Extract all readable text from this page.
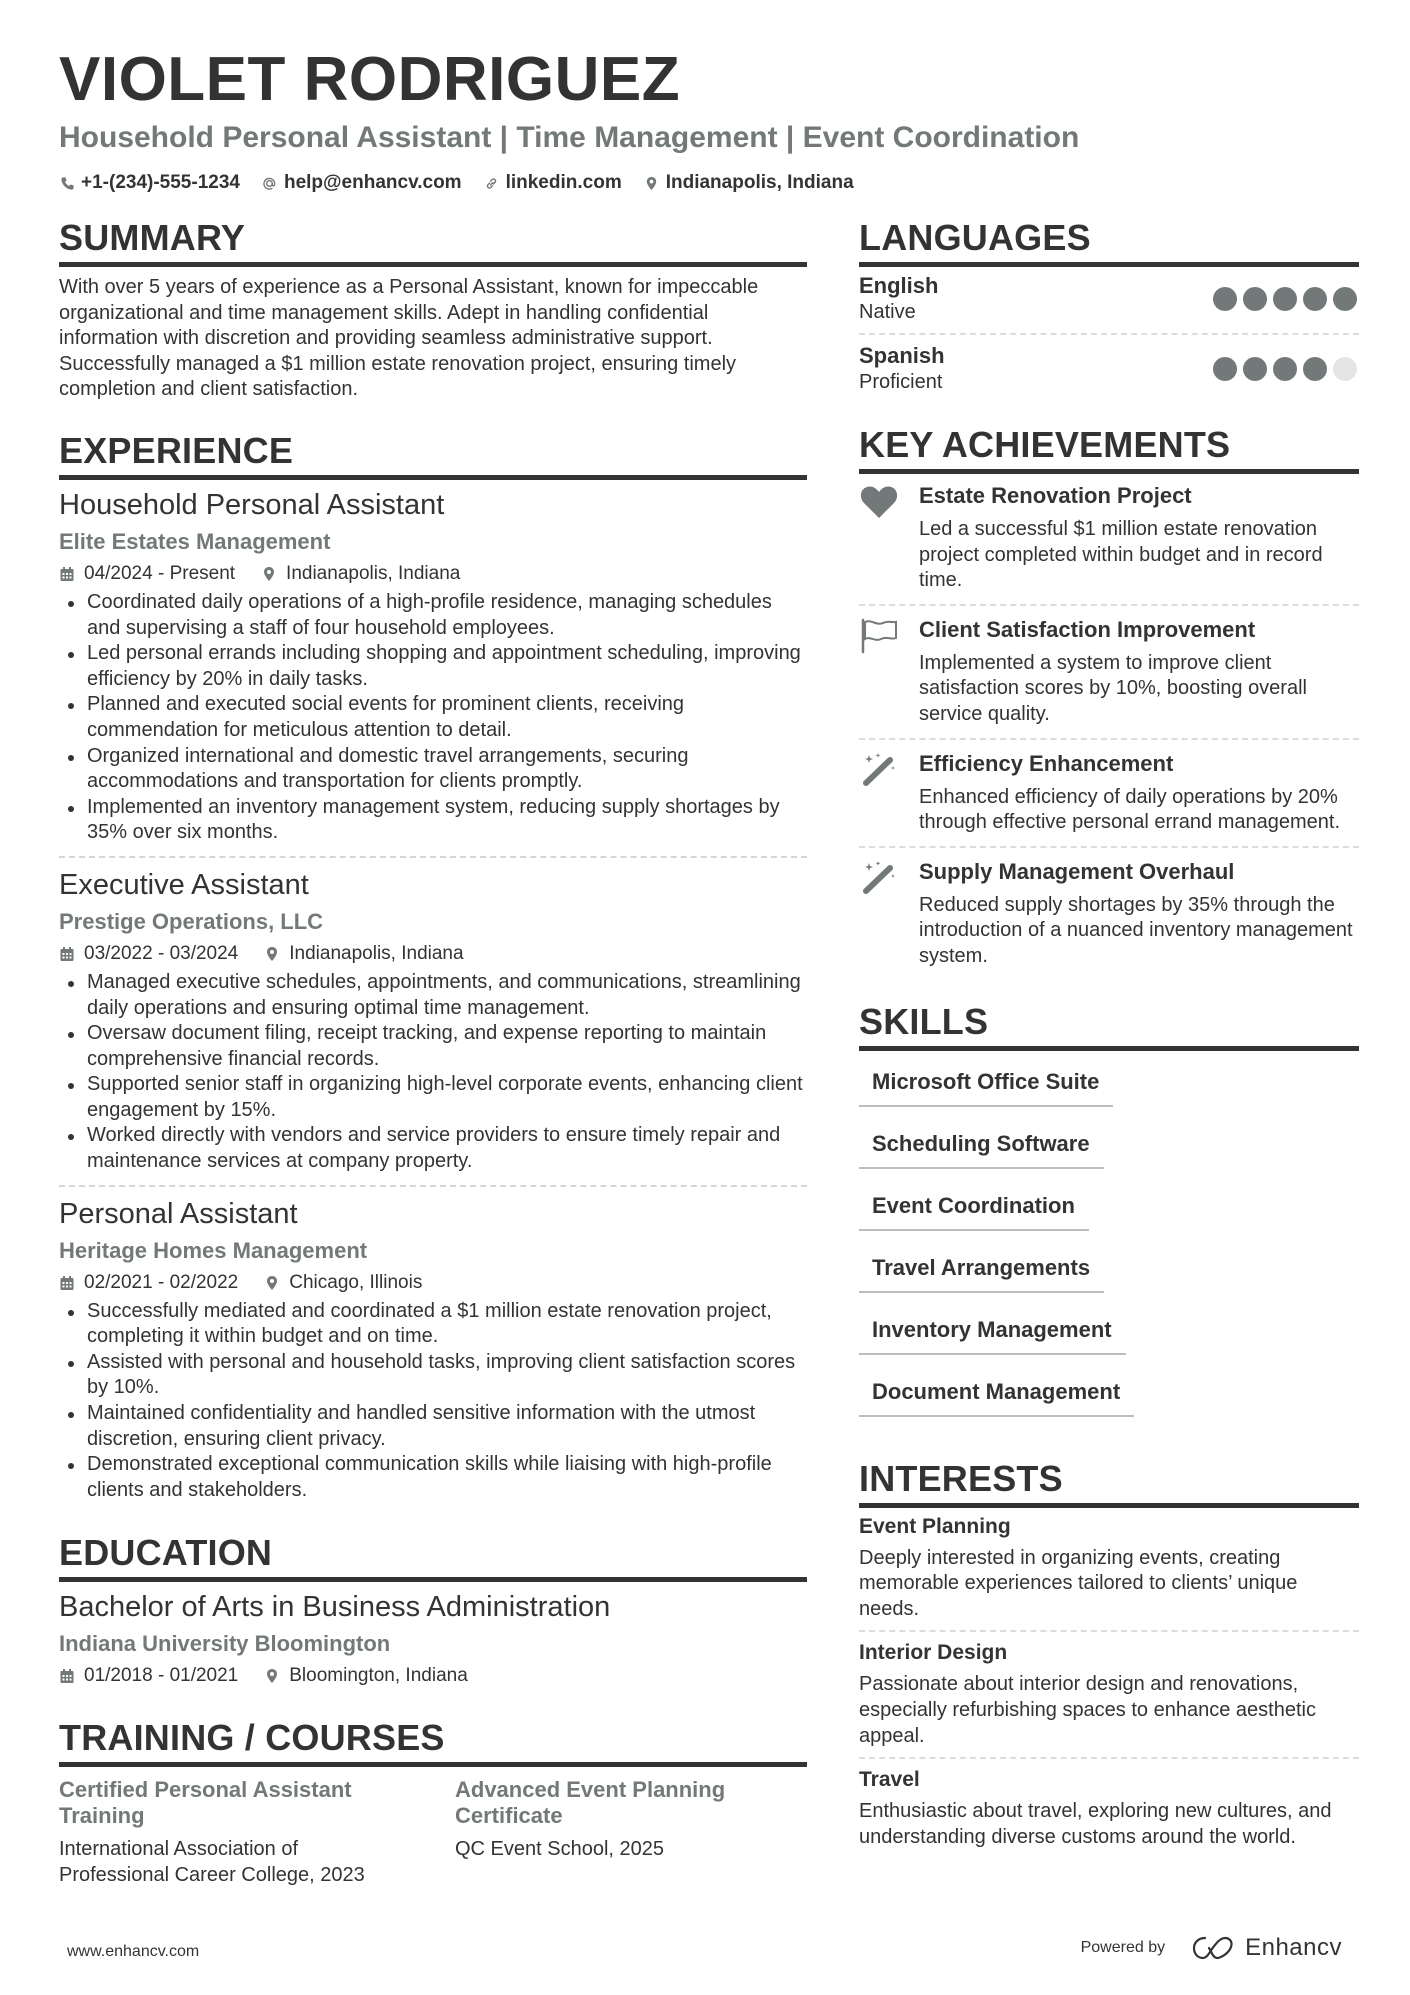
VIOLET RODRIGUEZ
Household Personal Assistant | Time Management | Event Coordination
+1-(234)-555-1234 help@enhancv.com linkedin.com Indianapolis, Indiana
SUMMARY

With over 5 years of experience as a Personal Assistant, known for impeccable organizational and time management skills. Adept in handling confidential information with discretion and providing seamless administrative support. Successfully managed a $1 million estate renovation project, ensuring timely completion and client satisfaction.

EXPERIENCE
Household Personal Assistant
Elite Estates Management
04/2024 - Present	Indianapolis, Indiana
Coordinated daily operations of a high-profile residence, managing schedules and supervising a staff of four household employees.
Led personal errands including shopping and appointment scheduling, improving efficiency by 20% in daily tasks.
Planned and executed social events for prominent clients, receiving commendation for meticulous attention to detail.
Organized international and domestic travel arrangements, securing accommodations and transportation for clients promptly.
Implemented an inventory management system, reducing supply shortages by 35% over six months.
Executive Assistant
Prestige Operations, LLC
03/2022 - 03/2024	Indianapolis, Indiana
Managed executive schedules, appointments, and communications, streamlining daily operations and ensuring optimal time management.
Oversaw document filing, receipt tracking, and expense reporting to maintain comprehensive financial records.
Supported senior staff in organizing high-level corporate events, enhancing client engagement by 15%.
Worked directly with vendors and service providers to ensure timely repair and maintenance services at company property.
Personal Assistant
Heritage Homes Management
02/2021 - 02/2022	Chicago, Illinois
Successfully mediated and coordinated a $1 million estate renovation project, completing it within budget and on time.
Assisted with personal and household tasks, improving client satisfaction scores by 10%.
Maintained confidentiality and handled sensitive information with the utmost discretion, ensuring client privacy.
Demonstrated exceptional communication skills while liaising with high-profile clients and stakeholders.
EDUCATION
Bachelor of Arts in Business Administration
Indiana University Bloomington
01/2018 - 01/2021	Bloomington, Indiana
TRAINING / COURSES
Certified Personal Assistant Training
International Association of Professional Career College, 2023
Advanced Event Planning Certificate
QC Event School, 2025
LANGUAGES
English
Native
Spanish
Proficient
KEY ACHIEVEMENTS
Estate Renovation Project
Led a successful $1 million estate renovation project completed within budget and in record time.
Client Satisfaction Improvement
Implemented a system to improve client satisfaction scores by 10%, boosting overall service quality.
Efficiency Enhancement
Enhanced efficiency of daily operations by 20% through effective personal errand management.
Supply Management Overhaul
Reduced supply shortages by 35% through the introduction of a nuanced inventory management system.
SKILLS
Microsoft Office Suite
Scheduling Software
Event Coordination
Travel Arrangements
Inventory Management
Document Management
INTERESTS
Event Planning
Deeply interested in organizing events, creating memorable experiences tailored to clients’ unique needs.
Interior Design
Passionate about interior design and renovations, especially refurbishing spaces to enhance aesthetic appeal.
Travel
Enthusiastic about travel, exploring new cultures, and understanding diverse customs around the world.
www.enhancv.com	Powered by	Enhancv
